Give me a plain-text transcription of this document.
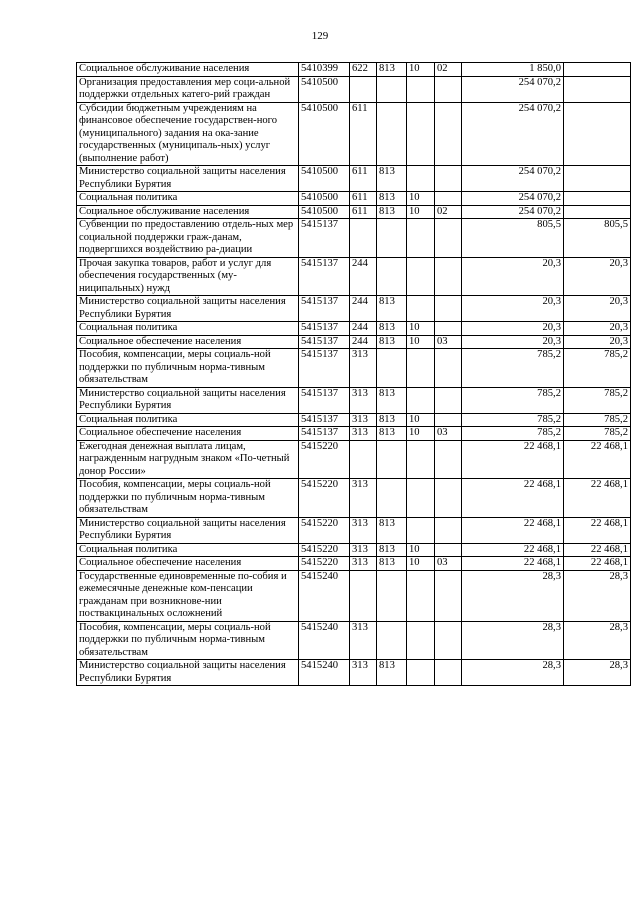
129
Социальное обслуживание населения	5410399	622	813	10	02	1 850,0	
Организация предоставления мер соци-альной поддержки отдельных катего-рий граждан	5410500					254 070,2	
Субсидии бюджетным учреждениям на финансовое обеспечение государствен-ного (муниципального) задания на ока-зание государственных (муниципаль-ных) услуг (выполнение работ)	5410500	611				254 070,2	
Министерство социальной защиты населения Республики Бурятия	5410500	611	813			254 070,2	
Социальная политика	5410500	611	813	10		254 070,2	
Социальное обслуживание населения	5410500	611	813	10	02	254 070,2	
Субвенции по предоставлению отдель-ных мер социальной поддержки граж-данам, подвергшихся воздействию ра-диации	5415137					805,5	805,5
Прочая закупка товаров, работ и услуг для обеспечения государственных (му-ниципальных) нужд	5415137	244				20,3	20,3
Министерство социальной защиты населения Республики Бурятия	5415137	244	813			20,3	20,3
Социальная политика	5415137	244	813	10		20,3	20,3
Социальное обеспечение населения	5415137	244	813	10	03	20,3	20,3
Пособия, компенсации, меры социаль-ной поддержки по публичным норма-тивным обязательствам	5415137	313				785,2	785,2
Министерство социальной защиты населения Республики Бурятия	5415137	313	813			785,2	785,2
Социальная политика	5415137	313	813	10		785,2	785,2
Социальное обеспечение населения	5415137	313	813	10	03	785,2	785,2
Ежегодная денежная выплата лицам, награжденным нагрудным знаком «По-четный донор России»	5415220					22 468,1	22 468,1
Пособия, компенсации, меры социаль-ной поддержки по публичным норма-тивным обязательствам	5415220	313				22 468,1	22 468,1
Министерство социальной защиты населения Республики Бурятия	5415220	313	813			22 468,1	22 468,1
Социальная политика	5415220	313	813	10		22 468,1	22 468,1
Социальное обеспечение населения	5415220	313	813	10	03	22 468,1	22 468,1
Государственные единовременные по-собия и ежемесячные денежные ком-пенсации гражданам при возникнове-нии поствакцинальных осложнений	5415240					28,3	28,3
Пособия, компенсации, меры социаль-ной поддержки по публичным норма-тивным обязательствам	5415240	313				28,3	28,3
Министерство социальной защиты населения Республики Бурятия	5415240	313	813			28,3	28,3
